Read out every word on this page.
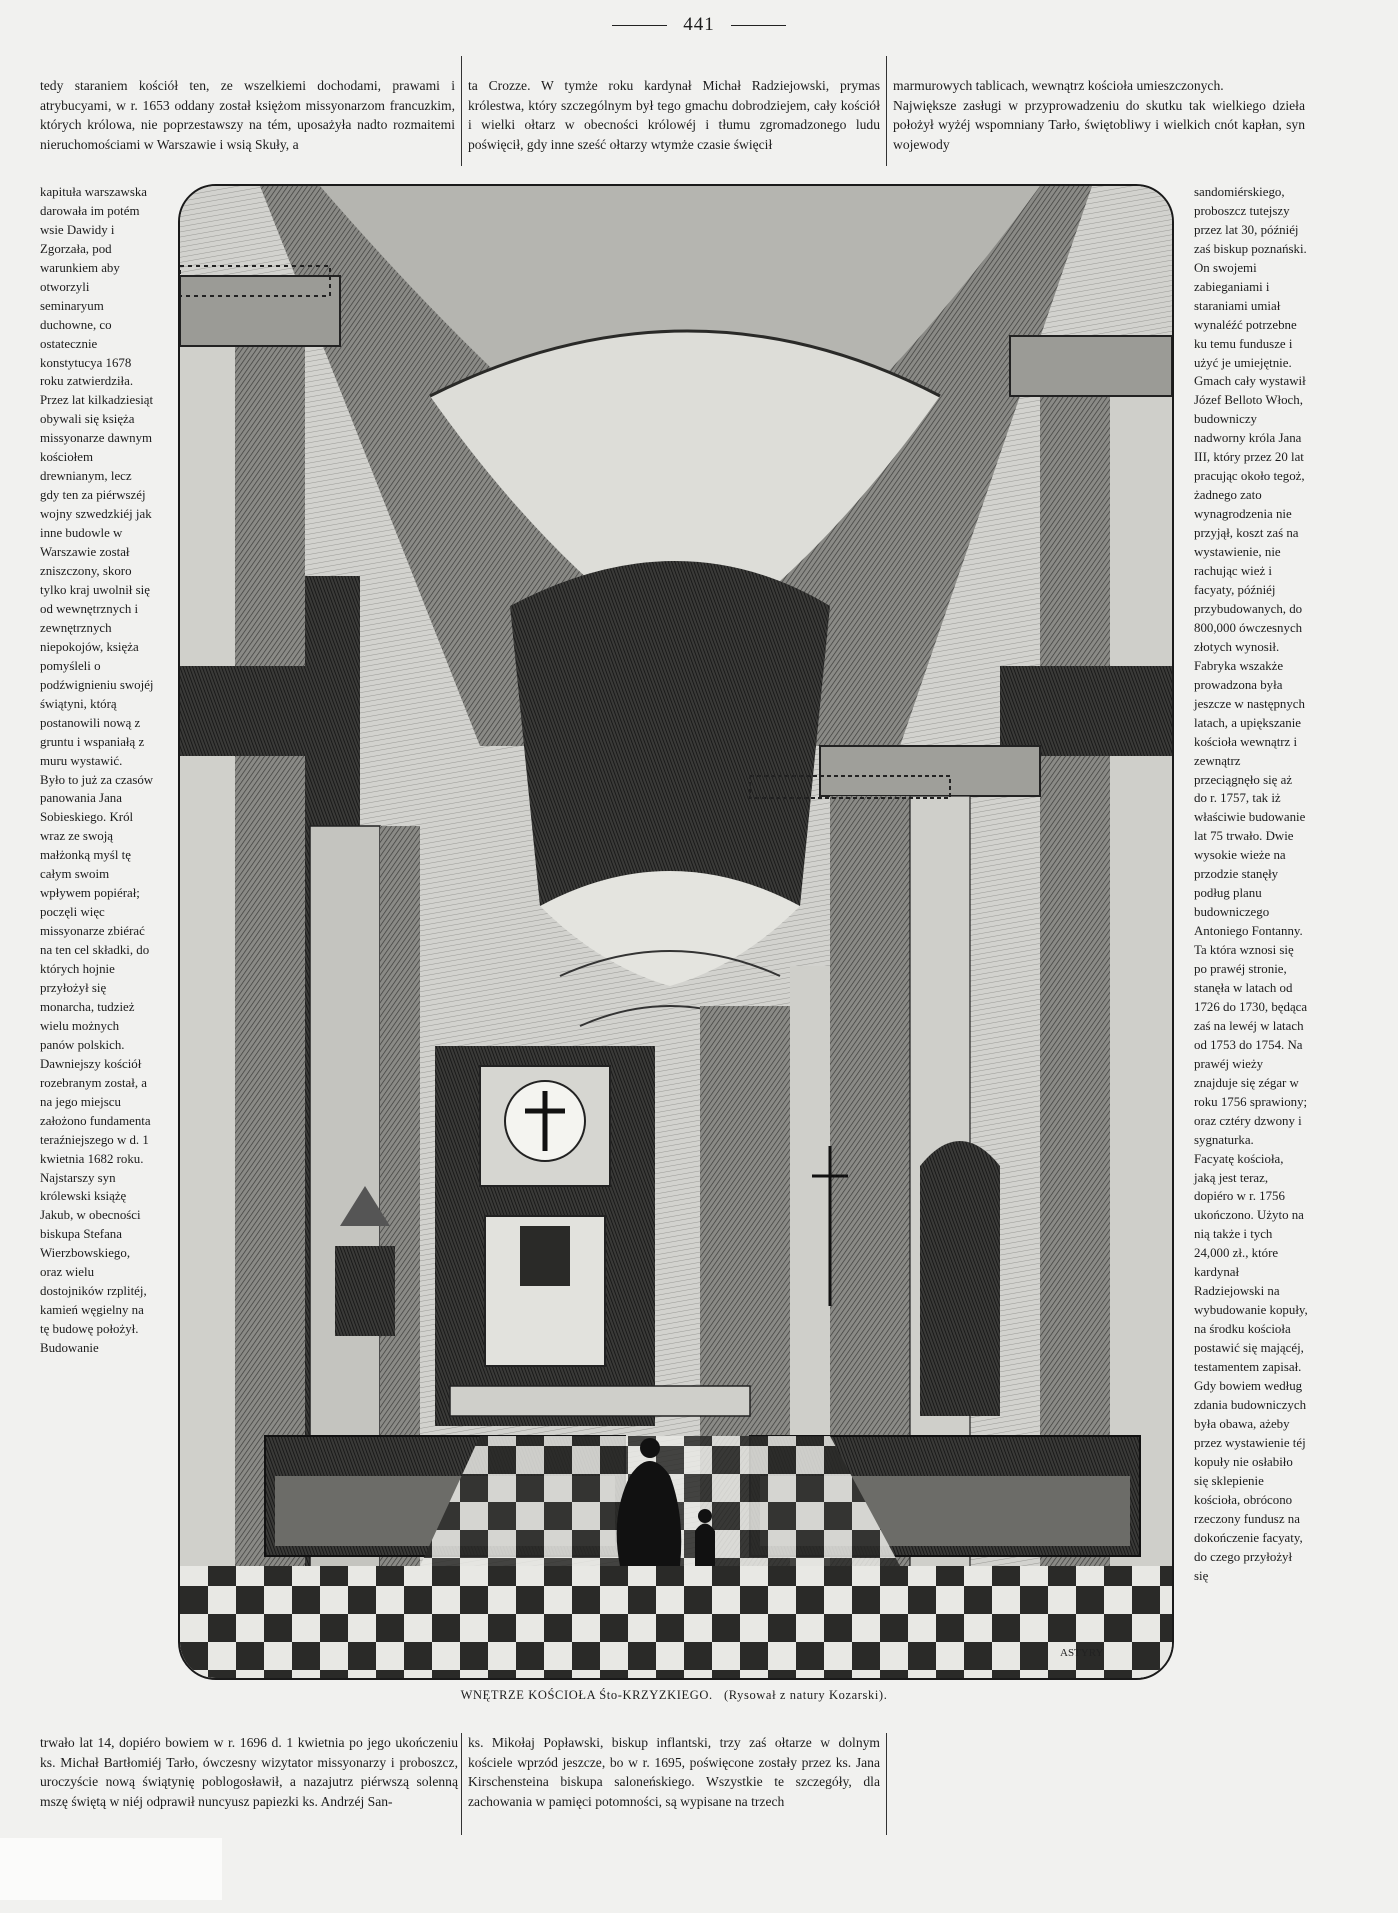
441

tedy staraniem kościół ten, ze wszelkiemi dochodami, prawami i atrybucyami, w r. 1653 oddany został księżom missyonarzom francuzkim, których królowa, nie poprzestawszy na tém, uposażyła nadto rozmaitemi nieruchomościami w Warszawie i wsią Skuły, a

ta Crozze. W tymże roku kardynał Michał Radziejowski, prymas królestwa, który szczególnym był tego gmachu dobrodziejem, cały kościół i wielki ołtarz w obecności królowéj i tłumu zgromadzonego ludu poświęcił, gdy inne sześć ołtarzy wtymże czasie święcił

marmurowych tablicach, wewnątrz kościoła umieszczonych.
Największe zasługi w przyprowadzeniu do skutku tak wielkiego dzieła położył wyżéj wspomniany Tarło, świętobliwy i wielkich cnót kapłan, syn wojewody

kapituła warszawska darowała im potém wsie Dawidy i Zgorzała, pod warunkiem aby otworzyli seminaryum duchowne, co ostatecznie konstytucya 1678 roku zatwierdziła.
Przez lat kilkadziesiąt obywali się księża missyonarze dawnym kościołem drewnianym, lecz gdy ten za piérwszéj wojny szwedzkiéj jak inne budowle w Warszawie został zniszczony, skoro tylko kraj uwolnił się od wewnętrznych i zewnętrznych niepokojów, księża pomyśleli o podźwignieniu swojéj świątyni, którą postanowili nową z gruntu i wspaniałą z muru wystawić.
Było to już za czasów panowania Jana Sobieskiego. Król wraz ze swoją małżonką myśl tę całym swoim wpływem popiérał; poczęli więc missyonarze zbiérać na ten cel składki, do których hojnie przyłożył się monarcha, tudzież wielu możnych panów polskich. Dawniejszy kościół rozebranym został, a na jego miejscu założono fundamenta teraźniejszego w d. 1 kwietnia 1682 roku. Najstarszy syn królewski książę Jakub, w obecności biskupa Stefana Wierzbowskiego, oraz wielu dostojników rzplitéj, kamień węgielny na tę budowę położył. Budowanie

sandomiérskiego, proboszcz tutejszy przez lat 30, późniéj zaś biskup poznański. On swojemi zabieganiami i staraniami umiał wynaléźć potrzebne ku temu fundusze i użyć je umiejętnie. Gmach cały wystawił Józef Belloto Włoch, budowniczy nadworny króla Jana III, który przez 20 lat pracując około tegoż, żadnego zato wynagrodzenia nie przyjął, koszt zaś na wystawienie, nie rachując wież i facyaty, późniéj przybudowanych, do 800,000 ówczesnych złotych wynosił. Fabryka wszakże prowadzona była jeszcze w następnych latach, a upiększanie kościoła wewnątrz i zewnątrz przeciągnęło się aż do r. 1757, tak iż właściwie budowanie lat 75 trwało. Dwie wysokie wieże na przodzie stanęły podług planu budowniczego Antoniego Fontanny. Ta która wznosi się po prawéj stronie, stanęła w latach od 1726 do 1730, będąca zaś na lewéj w latach od 1753 do 1754. Na prawéj wieży znajduje się zégar w roku 1756 sprawiony; oraz cztéry dzwony i sygnaturka.
Facyatę kościoła, jaką jest teraz, dopiéro w r. 1756 ukończono. Użyto na nią także i tych 24,000 zł., które kardynał Radziejowski na wybudowanie kopuły, na środku kościoła postawić się mającéj, testamentem zapisał. Gdy bowiem według zdania budowniczych była obawa, ażeby przez wystawienie téj kopuły nie osłabiło się sklepienie kościoła, obrócono rzeczony fundusz na dokończenie facyaty, do czego przyłożył się

ASTYRY
WNĘTRZE KOŚCIOŁA Śto-KRZYZKIEGO. (Rysował z natury Kozarski).

trwało lat 14, dopiéro bowiem w r. 1696 d. 1 kwietnia po jego ukończeniu ks. Michał Bartłomiéj Tarło, ówczesny wizytator missyonarzy i proboszcz, uroczyście nową świątynię poblogosławił, a nazajutrz piérwszą solenną mszę świętą w niéj odprawił nuncyusz papiezki ks. Andrzéj San-

ks. Mikołaj Popławski, biskup inflantski, trzy zaś ołtarze w dolnym kościele wprzód jeszcze, bo w r. 1695, poświęcone zostały przez ks. Jana Kirschensteina biskupa saloneńskiego. Wszystkie te szczegóły, dla zachowania w pamięci potomności, są wypisane na trzech
